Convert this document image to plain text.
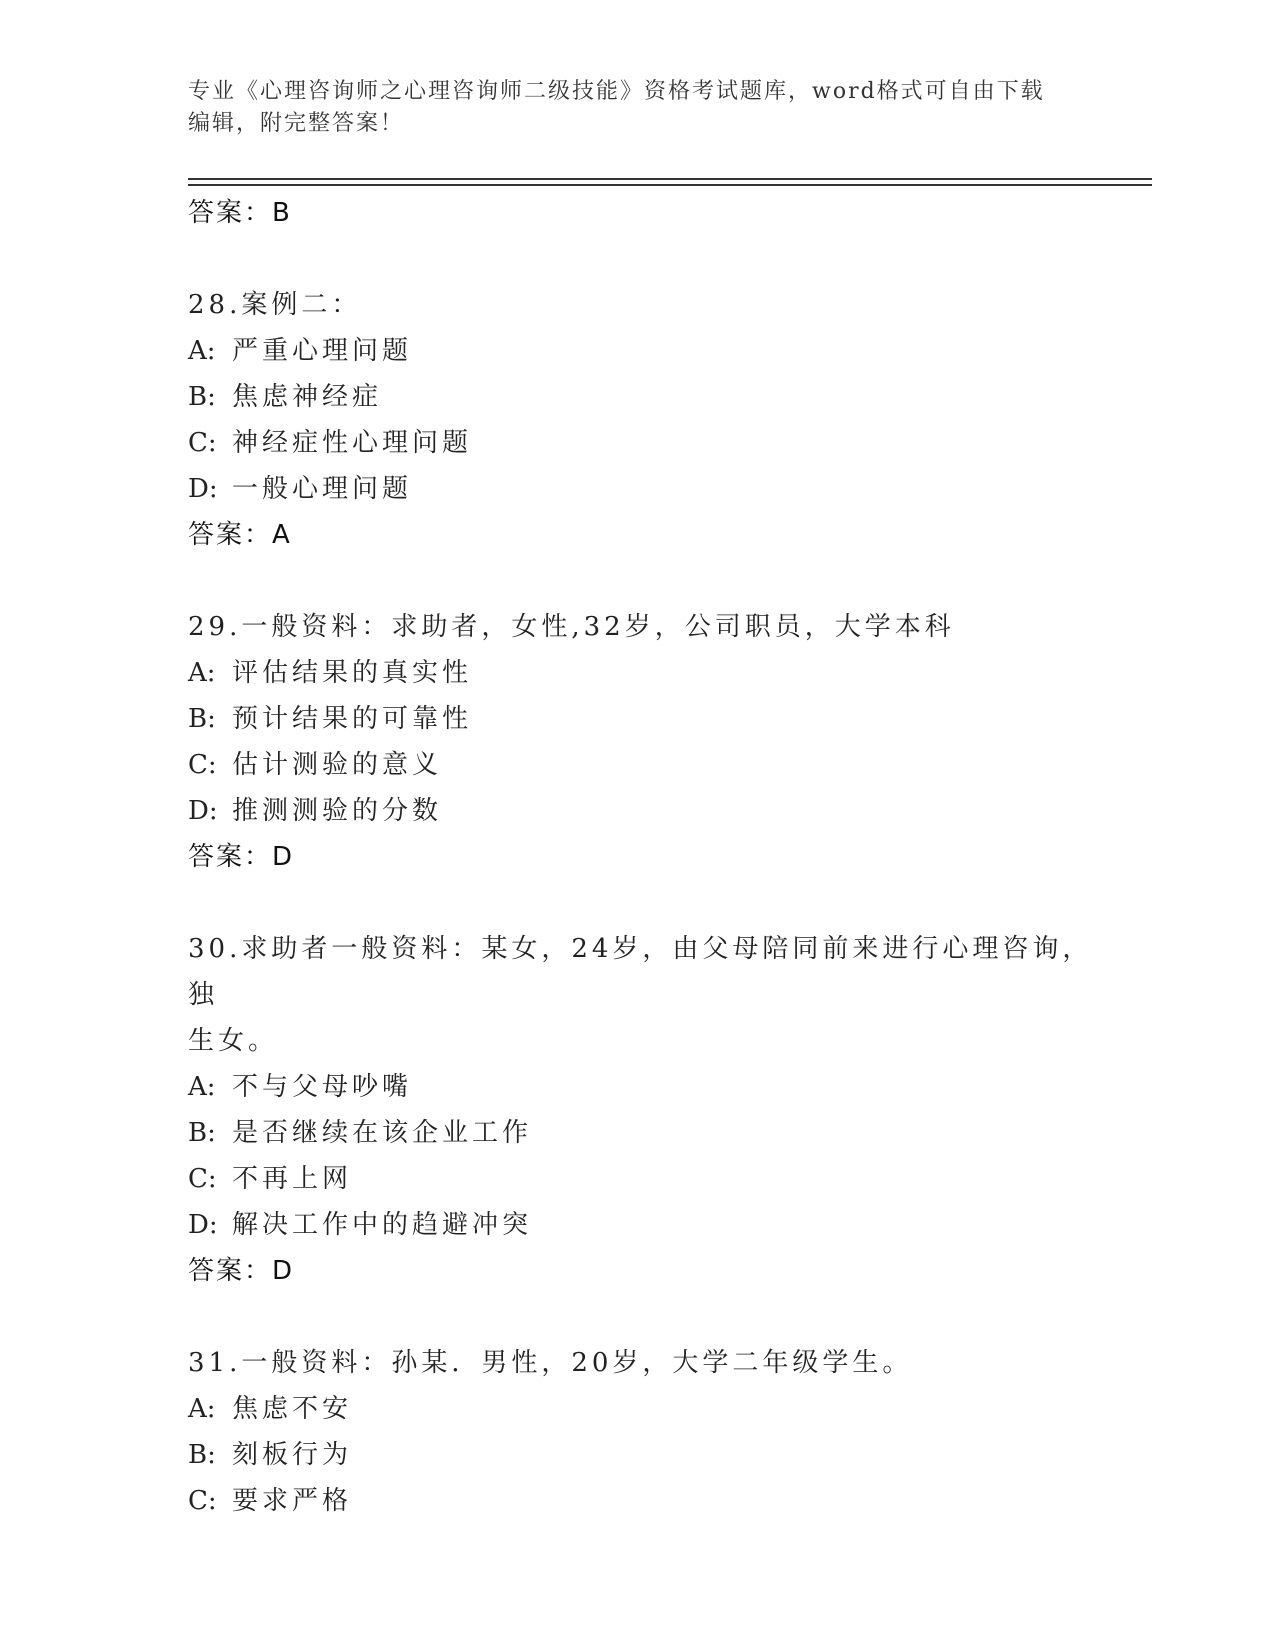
专业《心理咨询师之心理咨询师二级技能》资格考试题库，word格式可自由下载
编辑，附完整答案！

答案：B

28.案例二：

A: 严重心理问题

B: 焦虑神经症

C: 神经症性心理问题

D: 一般心理问题

答案：A

29.一般资料：求助者，女性,32岁，公司职员，大学本科

A: 评估结果的真实性

B: 预计结果的可靠性

C: 估计测验的意义

D: 推测测验的分数

答案：D

30.求助者一般资料：某女，24岁，由父母陪同前来进行心理咨询，独

生女。

A: 不与父母吵嘴

B: 是否继续在该企业工作

C: 不再上网

D: 解决工作中的趋避冲突

答案：D

31.一般资料：孙某．男性，20岁，大学二年级学生。

A: 焦虑不安

B: 刻板行为

C: 要求严格
